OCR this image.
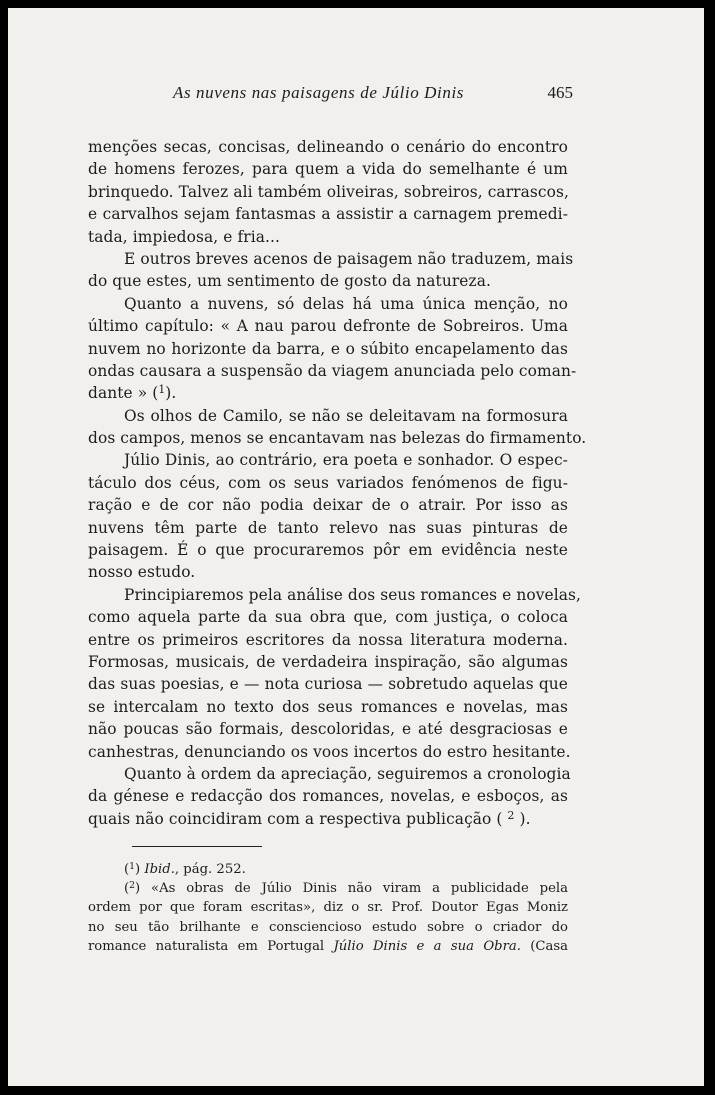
As nuvens nas paisagens de Júlio Dinis	465
menções secas, concisas, delineando o cenário do encontro
de homens ferozes, para quem a vida do semelhante é um
brinquedo. Talvez ali também oliveiras, sobreiros, carrascos,
e carvalhos sejam fantasmas a assistir a carnagem premedi-
tada, impiedosa, e fria...
E outros breves acenos de paisagem não traduzem, mais
do que estes, um sentimento de gosto da natureza.
Quanto a nuvens, só delas há uma única menção, no
último capítulo: « A nau parou defronte de Sobreiros. Uma
nuvem no horizonte da barra, e o súbito encapelamento das
ondas causara a suspensão da viagem anunciada pelo coman-
dante » ($^1$).
Os olhos de Camilo, se não se deleitavam na formosura
dos campos, menos se encantavam nas belezas do firmamento.
Júlio Dinis, ao contrário, era poeta e sonhador. O espec-
táculo dos céus, com os seus variados fenómenos de figu-
ração e de cor não podia deixar de o atrair. Por isso as
nuvens têm parte de tanto relevo nas suas pinturas de
paisagem. É o que procuraremos pôr em evidência neste
nosso estudo.
Principiaremos pela análise dos seus romances e novelas,
como aquela parte da sua obra que, com justiça, o coloca
entre os primeiros escritores da nossa literatura moderna.
Formosas, musicais, de verdadeira inspiração, são algumas
das suas poesias, e — nota curiosa — sobretudo aquelas que
se intercalam no texto dos seus romances e novelas, mas
não poucas são formais, descoloridas, e até desgraciosas e
canhestras, denunciando os voos incertos do estro hesitante.
Quanto à ordem da apreciação, seguiremos a cronologia
da génese e redacção dos romances, novelas, e esboços, as
quais não coincidiram com a respectiva publicação ( $^2$ ).
($^1$) Ibid., pág. 252.
($^2$) «As obras de Júlio Dinis não viram a publicidade pela
ordem por que foram escritas», diz o sr. Prof. Doutor Egas Moniz
no seu tão brilhante e consciencioso estudo sobre o criador do
romance naturalista em Portugal Júlio Dinis e a sua Obra. (Casa
